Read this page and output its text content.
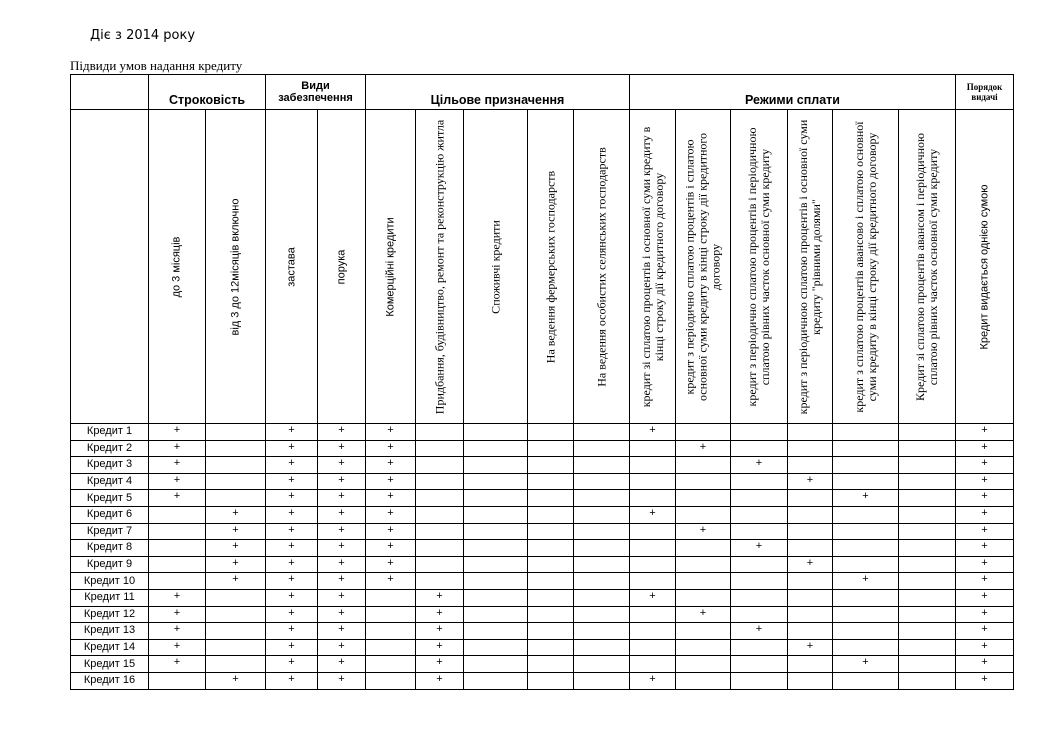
Діє з 2014 року
Підвиди умов надання кредиту
	Строковість		Види забезпечення		Цільове призначення					Режими сплати						Порядок видачі

	до 3 місяців	від 3 до 12місяців включно	застава	порука	Комерційні кредити	Придбання, будівництво, ремонт та реконструкцію житла	Споживчі кредити	На ведення фермерських господарств	На ведення особистих селянських господарств	кредит зі сплатою процентів і основної суми кредиту в кінці строку дії кредитного договору	кредит з періодично сплатою процентів і сплатою основної суми кредиту в кінці строку дії кредитного договору	кредит з періодично сплатою процентів і періодичною сплатою рівних часток основної суми кредиту	кредит з періодичною сплатою процентів і основної суми кредиту "рівними долями"	кредит з сплатою процентів авансово і сплатою основної суми кредиту в кінці строку дії кредитного договору	Кредит зі сплатою процентів авансом і періодичною сплатою рівних часток основної суми кредиту	Кредит видається однією сумою

Кредит 1	+		+	+	+					+						+
Кредит 2	+		+	+	+						+					+
Кредит 3	+		+	+	+							+				+
Кредит 4	+		+	+	+								+			+
Кредит 5	+		+	+	+									+		+
Кредит 6		+	+	+	+					+						+
Кредит 7		+	+	+	+						+					+
Кредит 8		+	+	+	+							+				+
Кредит 9		+	+	+	+								+			+
Кредит 10		+	+	+	+									+		+
Кредит 11	+		+	+		+				+						+
Кредит 12	+		+	+		+					+					+
Кредит 13	+		+	+		+						+				+
Кредит 14	+		+	+		+							+			+
Кредит 15	+		+	+		+								+		+
Кредит 16		+	+	+		+				+						+
